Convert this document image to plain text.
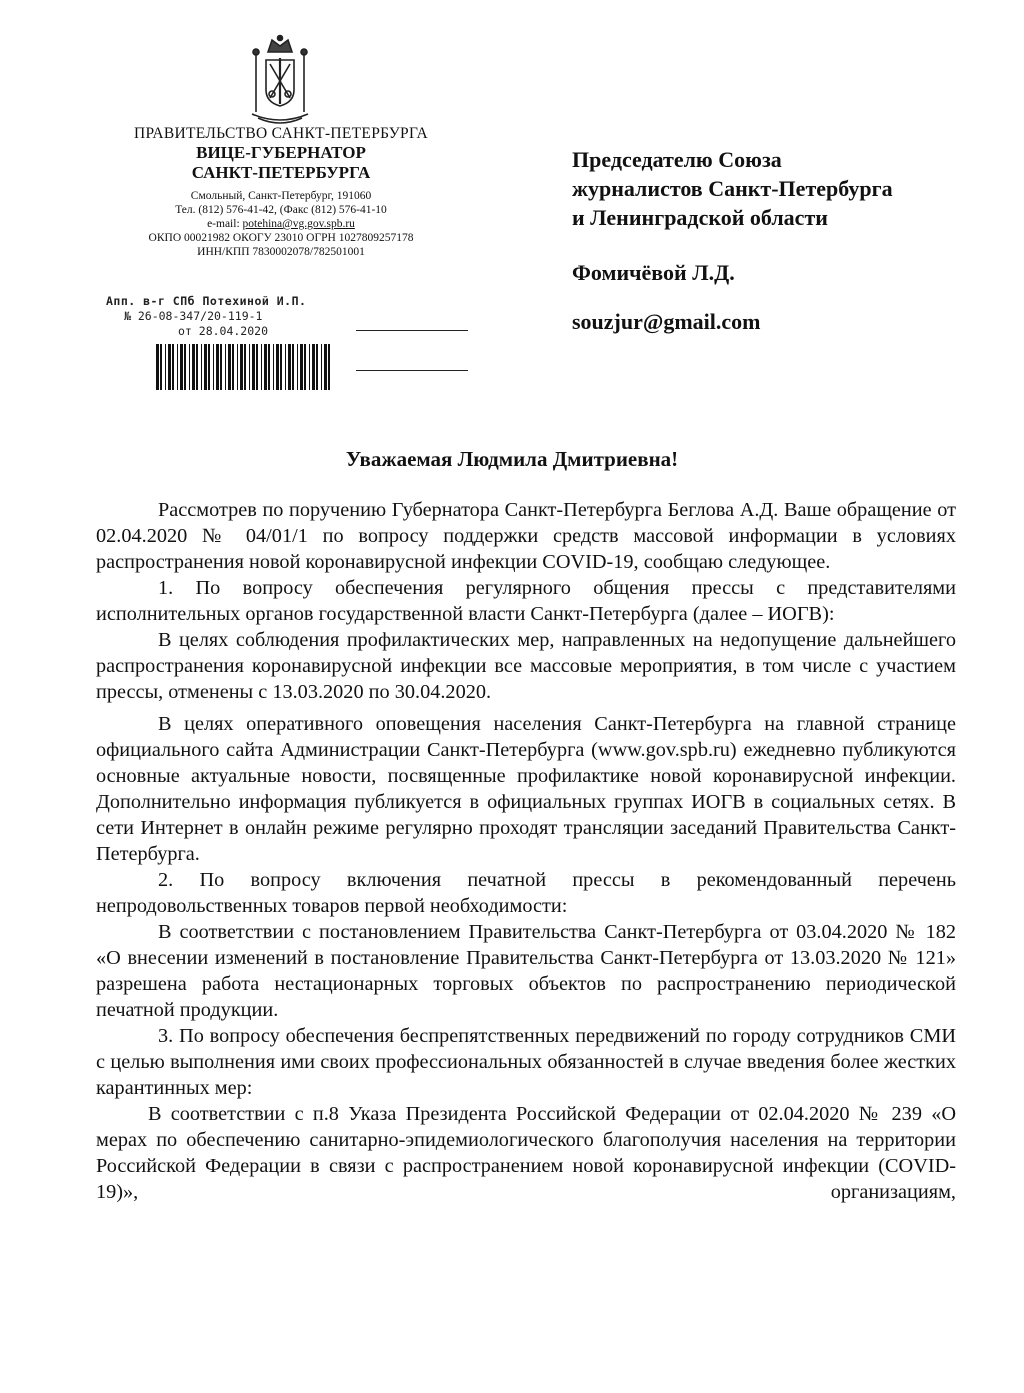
ПРАВИТЕЛЬСТВО САНКТ-ПЕТЕРБУРГА
ВИЦЕ-ГУБЕРНАТОР
САНКТ-ПЕТЕРБУРГА
Смольный, Санкт-Петербург, 191060
Тел. (812) 576-41-42, (Факс (812) 576-41-10
e-mail: potehina@vg.gov.spb.ru
ОКПО 00021982 ОКОГУ 23010 ОГРН 1027809257178
ИНН/КПП 7830002078/782501001
Апп. в-г СПб Потехиной И.П.
№ 26-08-347/20-119-1
от 28.04.2020
Председателю Союза
журналистов Санкт-Петербурга
и Ленинградской области
Фомичёвой Л.Д.
souzjur@gmail.com
Уважаемая Людмила Дмитриевна!

Рассмотрев по поручению Губернатора Санкт-Петербурга Беглова А.Д. Ваше обращение от 02.04.2020 № 04/01/1 по вопросу поддержки средств массовой информации в условиях распространения новой коронавирусной инфекции COVID-19, сообщаю следующее.

1. По вопросу обеспечения регулярного общения прессы с представителями исполнительных органов государственной власти Санкт-Петербурга (далее – ИОГВ):

В целях соблюдения профилактических мер, направленных на недопущение дальнейшего распространения коронавирусной инфекции все массовые мероприятия, в том числе с участием прессы, отменены с 13.03.2020 по 30.04.2020.

В целях оперативного оповещения населения Санкт-Петербурга на главной странице официального сайта Администрации Санкт-Петербурга (www.gov.spb.ru) ежедневно публикуются основные актуальные новости, посвященные профилактике новой коронавирусной инфекции. Дополнительно информация публикуется в официальных группах ИОГВ в социальных сетях. В сети Интернет в онлайн режиме регулярно проходят трансляции заседаний Правительства Санкт-Петербурга.

2. По вопросу включения печатной прессы в рекомендованный перечень непродовольственных товаров первой необходимости:

В соответствии с постановлением Правительства Санкт-Петербурга от 03.04.2020 № 182 «О внесении изменений в постановление Правительства Санкт-Петербурга от 13.03.2020 № 121» разрешена работа нестационарных торговых объектов по распространению периодической печатной продукции.

3. По вопросу обеспечения беспрепятственных передвижений по городу сотрудников СМИ с целью выполнения ими своих профессиональных обязанностей в случае введения более жестких карантинных мер:

В соответствии с п.8 Указа Президента Российской Федерации от 02.04.2020 № 239 «О мерах по обеспечению санитарно-эпидемиологического благополучия населения на территории Российской Федерации в связи с распространением новой коронавирусной инфекции (COVID-19)», организациям,
